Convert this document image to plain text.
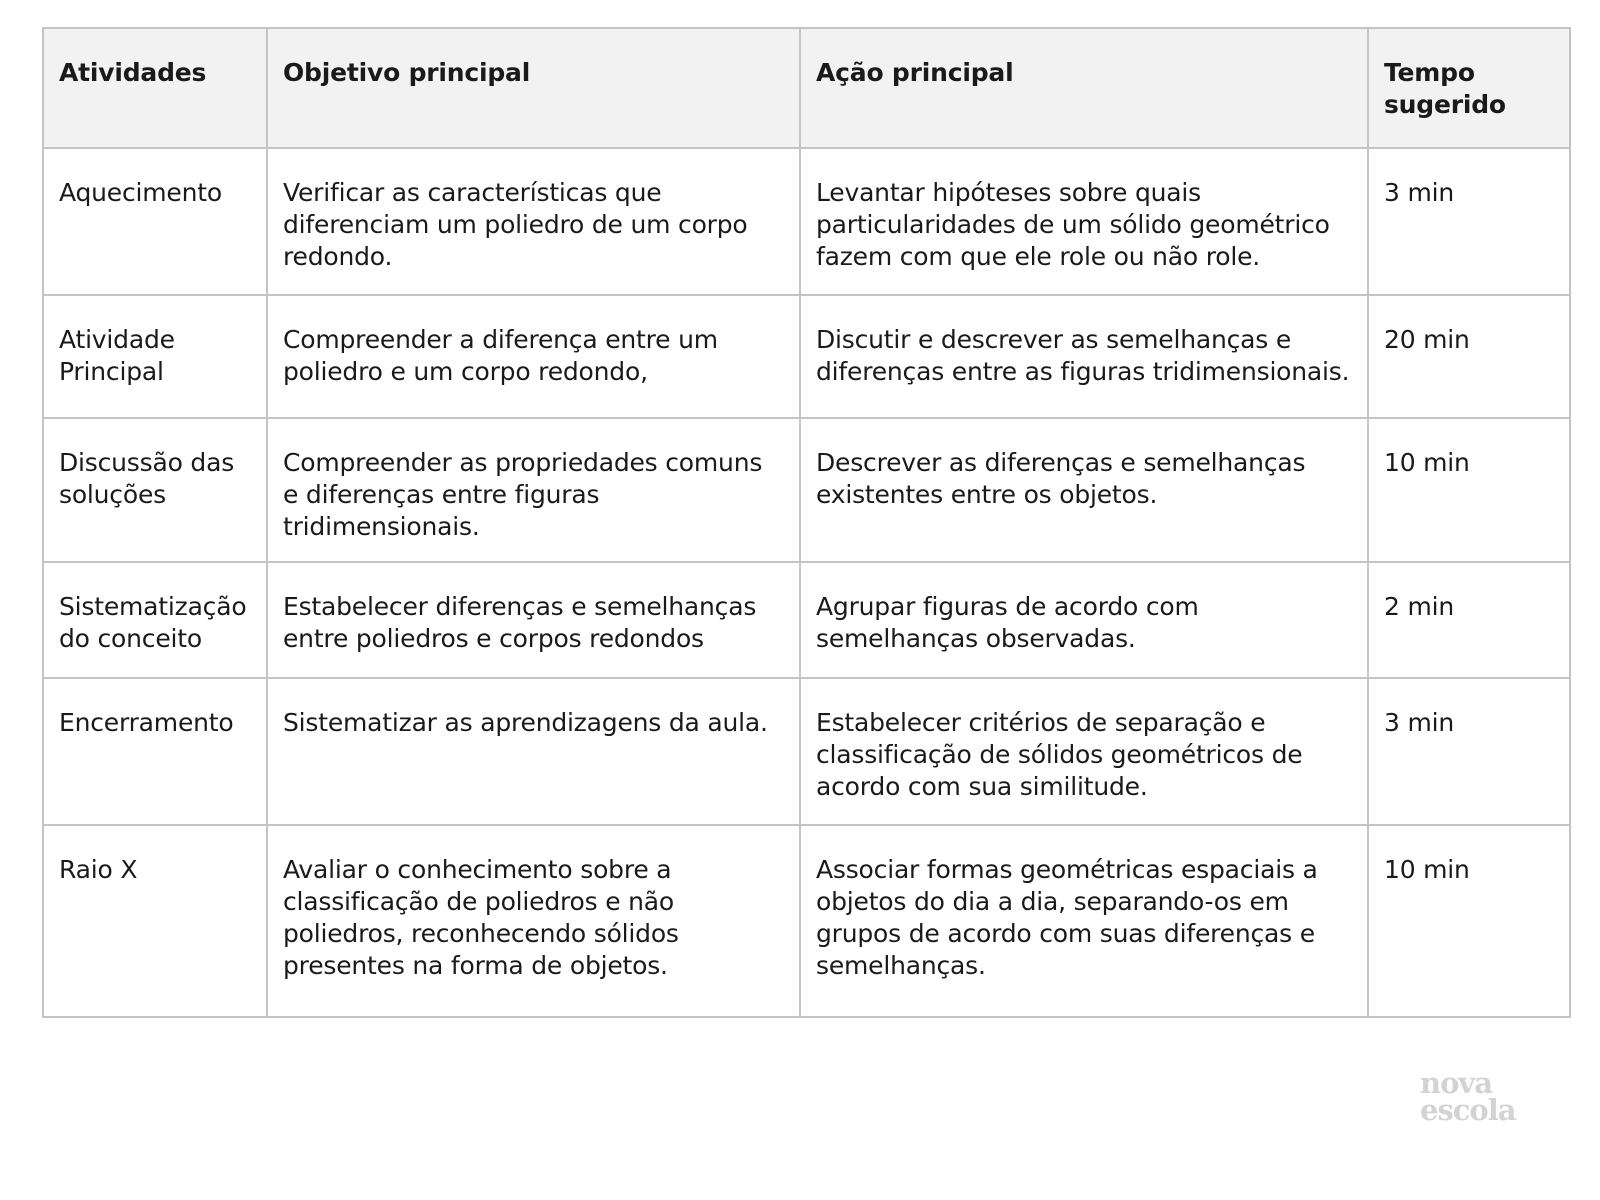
Atividades	Objetivo principal	Ação principal	Tempo sugerido
Aquecimento	Verificar as características que diferenciam um poliedro de um corpo redondo.	Levantar hipóteses sobre quais particularidades de um sólido geométrico fazem com que ele role ou não role.	3 min
Atividade Principal	Compreender a diferença entre um poliedro e um corpo redondo,	Discutir e descrever as semelhanças e diferenças entre as figuras tridimensionais.	20 min
Discussão das soluções	Compreender as propriedades comuns e diferenças entre figuras tridimensionais.	Descrever as diferenças e semelhanças existentes entre os objetos.	10 min
Sistematização do conceito	Estabelecer diferenças e semelhanças entre poliedros e corpos redondos	Agrupar figuras de acordo com semelhanças observadas.	2 min
Encerramento	Sistematizar as aprendizagens da aula.	Estabelecer critérios de separação e classificação de sólidos geométricos de acordo com sua similitude.	3 min
Raio X	Avaliar o conhecimento sobre a classificação de poliedros e não poliedros, reconhecendo sólidos presentes na forma de objetos.	Associar formas geométricas espaciais a objetos do dia a dia, separando-os em grupos de acordo com suas diferenças e semelhanças.	10 min
nova
escola
